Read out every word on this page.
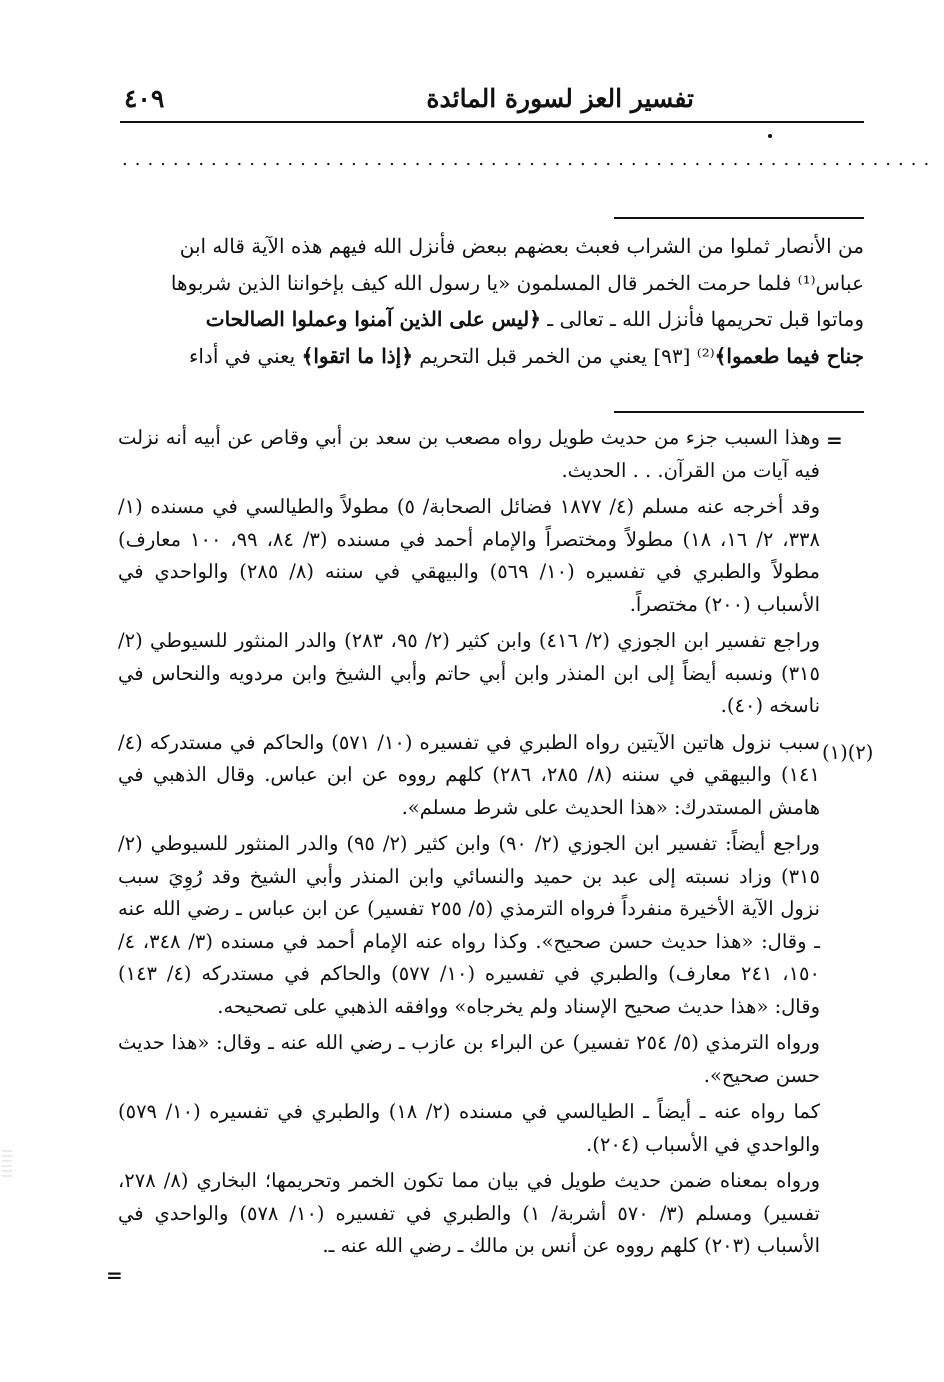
تفسير العز لسورة المائدة
٤٠٩
................................................................
من الأنصار ثملوا من الشراب فعبث بعضهم ببعض فأنزل الله فيهم هذه الآية قاله ابن
عباس⁽¹⁾ فلما حرمت الخمر قال المسلمون «يا رسول الله كيف بإخواننا الذين شربوها
وماتوا قبل تحريمها فأنزل الله ـ تعالى ـ ﴿ليس على الذين آمنوا وعملوا الصالحات
جناح فيما طعموا﴾⁽²⁾ [٩٣] يعني من الخمر قبل التحريم ﴿إذا ما اتقوا﴾ يعني في أداء
=
(١)(٢)
=

وهذا السبب جزء من حديث طويل رواه مصعب بن سعد بن أبي وقاص عن أبيه أنه نزلت فيه آيات من القرآن. . . الحديث.

وقد أخرجه عنه مسلم (٤/ ١٨٧٧ فضائل الصحابة/ ٥) مطولاً والطيالسي في مسنده (١/ ٣٣٨، ٢/ ١٦، ١٨) مطولاً ومختصراً والإمام أحمد في مسنده (٣/ ٨٤، ٩٩، ١٠٠ معارف) مطولاً والطبري في تفسيره (١٠/ ٥٦٩) والبيهقي في سننه (٨/ ٢٨٥) والواحدي في الأسباب (٢٠٠) مختصراً.

وراجع تفسير ابن الجوزي (٢/ ٤١٦) وابن كثير (٢/ ٩٥، ٢٨٣) والدر المنثور للسيوطي (٢/ ٣١٥) ونسبه أيضاً إلى ابن المنذر وابن أبي حاتم وأبي الشيخ وابن مردويه والنحاس في ناسخه (٤٠).

سبب نزول هاتين الآيتين رواه الطبري في تفسيره (١٠/ ٥٧١) والحاكم في مستدركه (٤/ ١٤١) والبيهقي في سننه (٨/ ٢٨٥، ٢٨٦) كلهم رووه عن ابن عباس. وقال الذهبي في هامش المستدرك: «هذا الحديث على شرط مسلم».

وراجع أيضاً: تفسير ابن الجوزي (٢/ ٩٠) وابن كثير (٢/ ٩٥) والدر المنثور للسيوطي (٢/ ٣١٥) وزاد نسبته إلى عبد بن حميد والنسائي وابن المنذر وأبي الشيخ وقد رُوِيَ سبب نزول الآية الأخيرة منفرداً فرواه الترمذي (٥/ ٢٥٥ تفسير) عن ابن عباس ـ رضي الله عنه ـ وقال: «هذا حديث حسن صحيح». وكذا رواه عنه الإمام أحمد في مسنده (٣/ ٣٤٨، ٤/ ١٥٠، ٢٤١ معارف) والطبري في تفسيره (١٠/ ٥٧٧) والحاكم في مستدركه (٤/ ١٤٣) وقال: «هذا حديث صحيح الإسناد ولم يخرجاه» ووافقه الذهبي على تصحيحه.

ورواه الترمذي (٥/ ٢٥٤ تفسير) عن البراء بن عازب ـ رضي الله عنه ـ وقال: «هذا حديث حسن صحيح».

كما رواه عنه ـ أيضاً ـ الطيالسي في مسنده (٢/ ١٨) والطبري في تفسيره (١٠/ ٥٧٩) والواحدي في الأسباب (٢٠٤).

ورواه بمعناه ضمن حديث طويل في بيان مما تكون الخمر وتحريمها؛ البخاري (٨/ ٢٧٨، تفسير) ومسلم (٣/ ٥٧٠ أشربة/ ١) والطبري في تفسيره (١٠/ ٥٧٨) والواحدي في الأسباب (٢٠٣) كلهم رووه عن أنس بن مالك ـ رضي الله عنه ـ.
